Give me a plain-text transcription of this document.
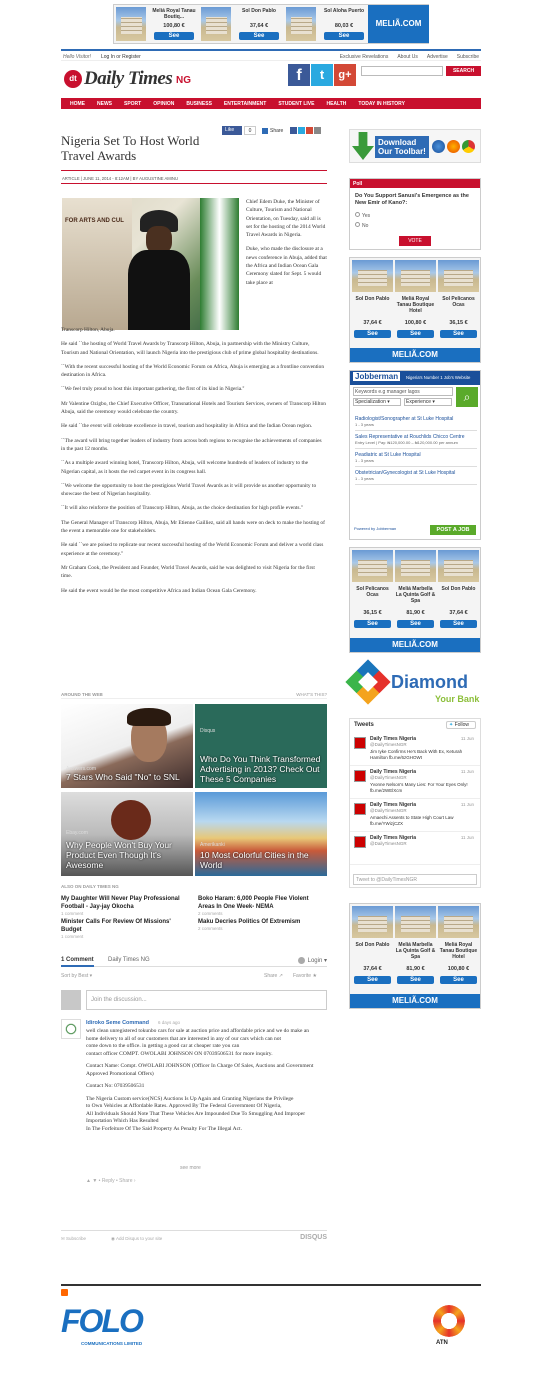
Meliá Royal Tanau Boutiq...
100,80 €
See
Sol Don Pablo
37,64 €
See
Sol Aloha Puerto
80,03 €
See
MELIÃ.COM
Hello Visitor! Log In or Register	Exclusive Revelations About Us Advertise Subscribe
dt Daily Times NG	f	t	g+	SEARCH
HOME NEWS SPORT OPINION BUSINESS ENTERTAINMENT STUDENT LIVE HEALTH TODAY IN HISTORY
Nigeria Set To Host World Travel Awards
Like	0	Share
ARTICLE | JUNE 11, 2014 - 8:12AM | BY AUGUSTINE AMINU
FOR ARTS AND CUL

Chief Edem Duke, the Minister of Culture, Tourism and National Orientation, on Tuesday, said all is set for the hosting of the 2014 World Travel Awards in Nigeria.

Duke, who made the disclosure at a news conference in Abuja, added that the Africa and Indian Ocean Gala Ceremony slated for Sept. 5 would take place at

Transcorp Hilton, Abuja.

He said ``the hosting of World Travel Awards by Transcorp Hilton, Abuja, in partnership with the Ministry Culture, Tourism and National Orientation, will launch Nigeria into the prestigious club of prime global hospitality destinations.

``With the recent successful hosting of the World Economic Forum on Africa, Abuja is emerging as a frontline convention destination in Africa.

``We feel truly proud to host this important gathering, the first of its kind in Nigeria.''

Mr Valentine Ozigbo, the Chief Executive Officer, Transnational Hotels and Tourism Services, owners of Transcorp Hilton Abuja, said the ceremony would celebrate the country.

He said ``the event will celebrate excellence in travel, tourism and hospitality in Africa and the Indian Ocean region.

``The award will bring together leaders of industry from across both regions to recognise the achievements of companies in the past 12 months.

``As a multiple award winning hotel, Transcorp Hilton, Abuja, will welcome hundreds of leaders of industry to the Nigerian capital, as it hosts the red carpet event in its congress hall.

``We welcome the opportunity to host the prestigious World Travel Awards as it will provide us another opportunity to showcase the best of Nigerian hospitality.

``It will also reinforce the position of Transcorp Hilton, Abuja, as the choice destination for high profile events.''

The General Manager of Transcorp Hilton, Abuja, Mr Etienne Gailliez, said all hands were on deck to make the hosting of the event a memorable one for stakeholders.

He said ``we are poised to replicate our recent successful hosting of the World Economic Forum and deliver a world class experience at the ceremony.''

Mr Graham Cook, the President and Founder, World Travel Awards, said he was delighted to visit Nigeria for the first time.

He said the event would be the most competitive Africa and Indian Ocean Gala Ceremony.

AROUND THE WEB	WHAT'S THIS?
Answers.com
7 Stars Who Said "No" to SNL
Disqus
Who Do You Think Transformed Advertising in 2013? Check Out These 5 Companies
Ebay.com
Why People Won't Buy Your Product Even Though It's Awesome
Amerikanki
10 Most Colorful Cities in the World
ALSO ON DAILY TIMES NG
My Daughter Will Never Play Professional Football - Jay-jay Okocha
1 comment
Boko Haram: 6,000 People Flee Violent Areas In One Week- NEMA
2 comments
Minister Calls For Review Of Missions' Budget
1 comment
Maku Decries Politics Of Extremism
2 comments
1 Comment Daily Times NG	Login ▾
Sort by Best ▾	Share ↗ Favorite ★
Join the discussion...
Idiroko Seme Command 6 days ago

well clean unregistered tokunbo cars for sale at auction price and affordable price and we do make an

home delivery to all of our customers that are interested in any of our cars which can not

come down to the office. in getting a good car at cheaper rate you can

contact officer COMPT. OWOLABI JOHNSON ON 07039506531 for more inquiry.

Contact Name: Compt. OWOLABI JOHNSON (Officer In Charge Of Sales, Auctions and Government Approved Promotional Offers)

Contact No: 07039506531

The Nigeria Custom service(NCS) Auctions Is Up Again and Granting Nigerians the Privilege

to Own Vehicles at Affordable Rates. Approved By The Federal Government Of Nigeria,

All Individuals Should Note That These Vehicles Are Impounded Due To Smuggling And Improper Importation Which Has Resulted

In The Forfeiture Of The Said Property As Penalty For The Illegal Act.

see more
▲ ▼ • Reply • Share ›
✉ Subscribe	◉ Add Disqus to your site	DISQUS
Download Our Toolbar!
Poll
Do You Support Sanusi's Emergence as the New Emir of Kano?:
Yes
No
VOTE
Sol Don Pablo
37,64 €
See
Meliá Royal Tanau Boutique Hotel
100,80 €
See
Sol Pelicanos Ocas
36,15 €
See
MELIÃ.COM
Jobberman	Nigeria's Number 1 Job's Website
Keywords e.g manager lagos
Specialization ▾	Experience ▾	⌕
Radiologist/Sonographer at St Luke Hospital
1 - 3 years
Sales Representative at Rouchlids Chicco Centre
Entry Level | Pay: ₦120,000.00 – ₦120,000.00 per annum
Peadiatric at St Luke Hospital
1 - 3 years
Obstetrician/Gynecologist at St Luke Hospital
1 - 3 years
Powered by Jobberman	POST A JOB
Sol Pelicanos Ocas
36,15 €
See
Meliá Marbella La Quinta Golf & Spa
81,90 €
See
Sol Don Pablo
37,64 €
See
MELIÃ.COM
Diamond
Your Bank
Tweets	✦ Follow
Daily Times Nigeria
@DailyTimesNGR
Jim Iyke Confirms He's Back With Ex, Keturah Hamilton fb.me/6zGHOWt
11 Jun
Daily Times Nigeria
@DailyTimesNGR
Yvonne Nelson's Many Lies: For Your Eyes Only! fb.me/2WElXcm
11 Jun
Daily Times Nigeria
@DailyTimesNGR
Amaechi Assents to State High Court Law fb.me/YWizjCZX
11 Jun
Daily Times Nigeria
@DailyTimesNGR
11 Jun
Tweet to @DailyTimesNGR
Sol Don Pablo
37,64 €
See
Meliá Marbella La Quinta Golf & Spa
81,90 €
See
Meliá Royal Tanau Boutique Hotel
100,80 €
See
MELIÃ.COM
FOLO
COMMUNICATIONS LIMITED	ATN
